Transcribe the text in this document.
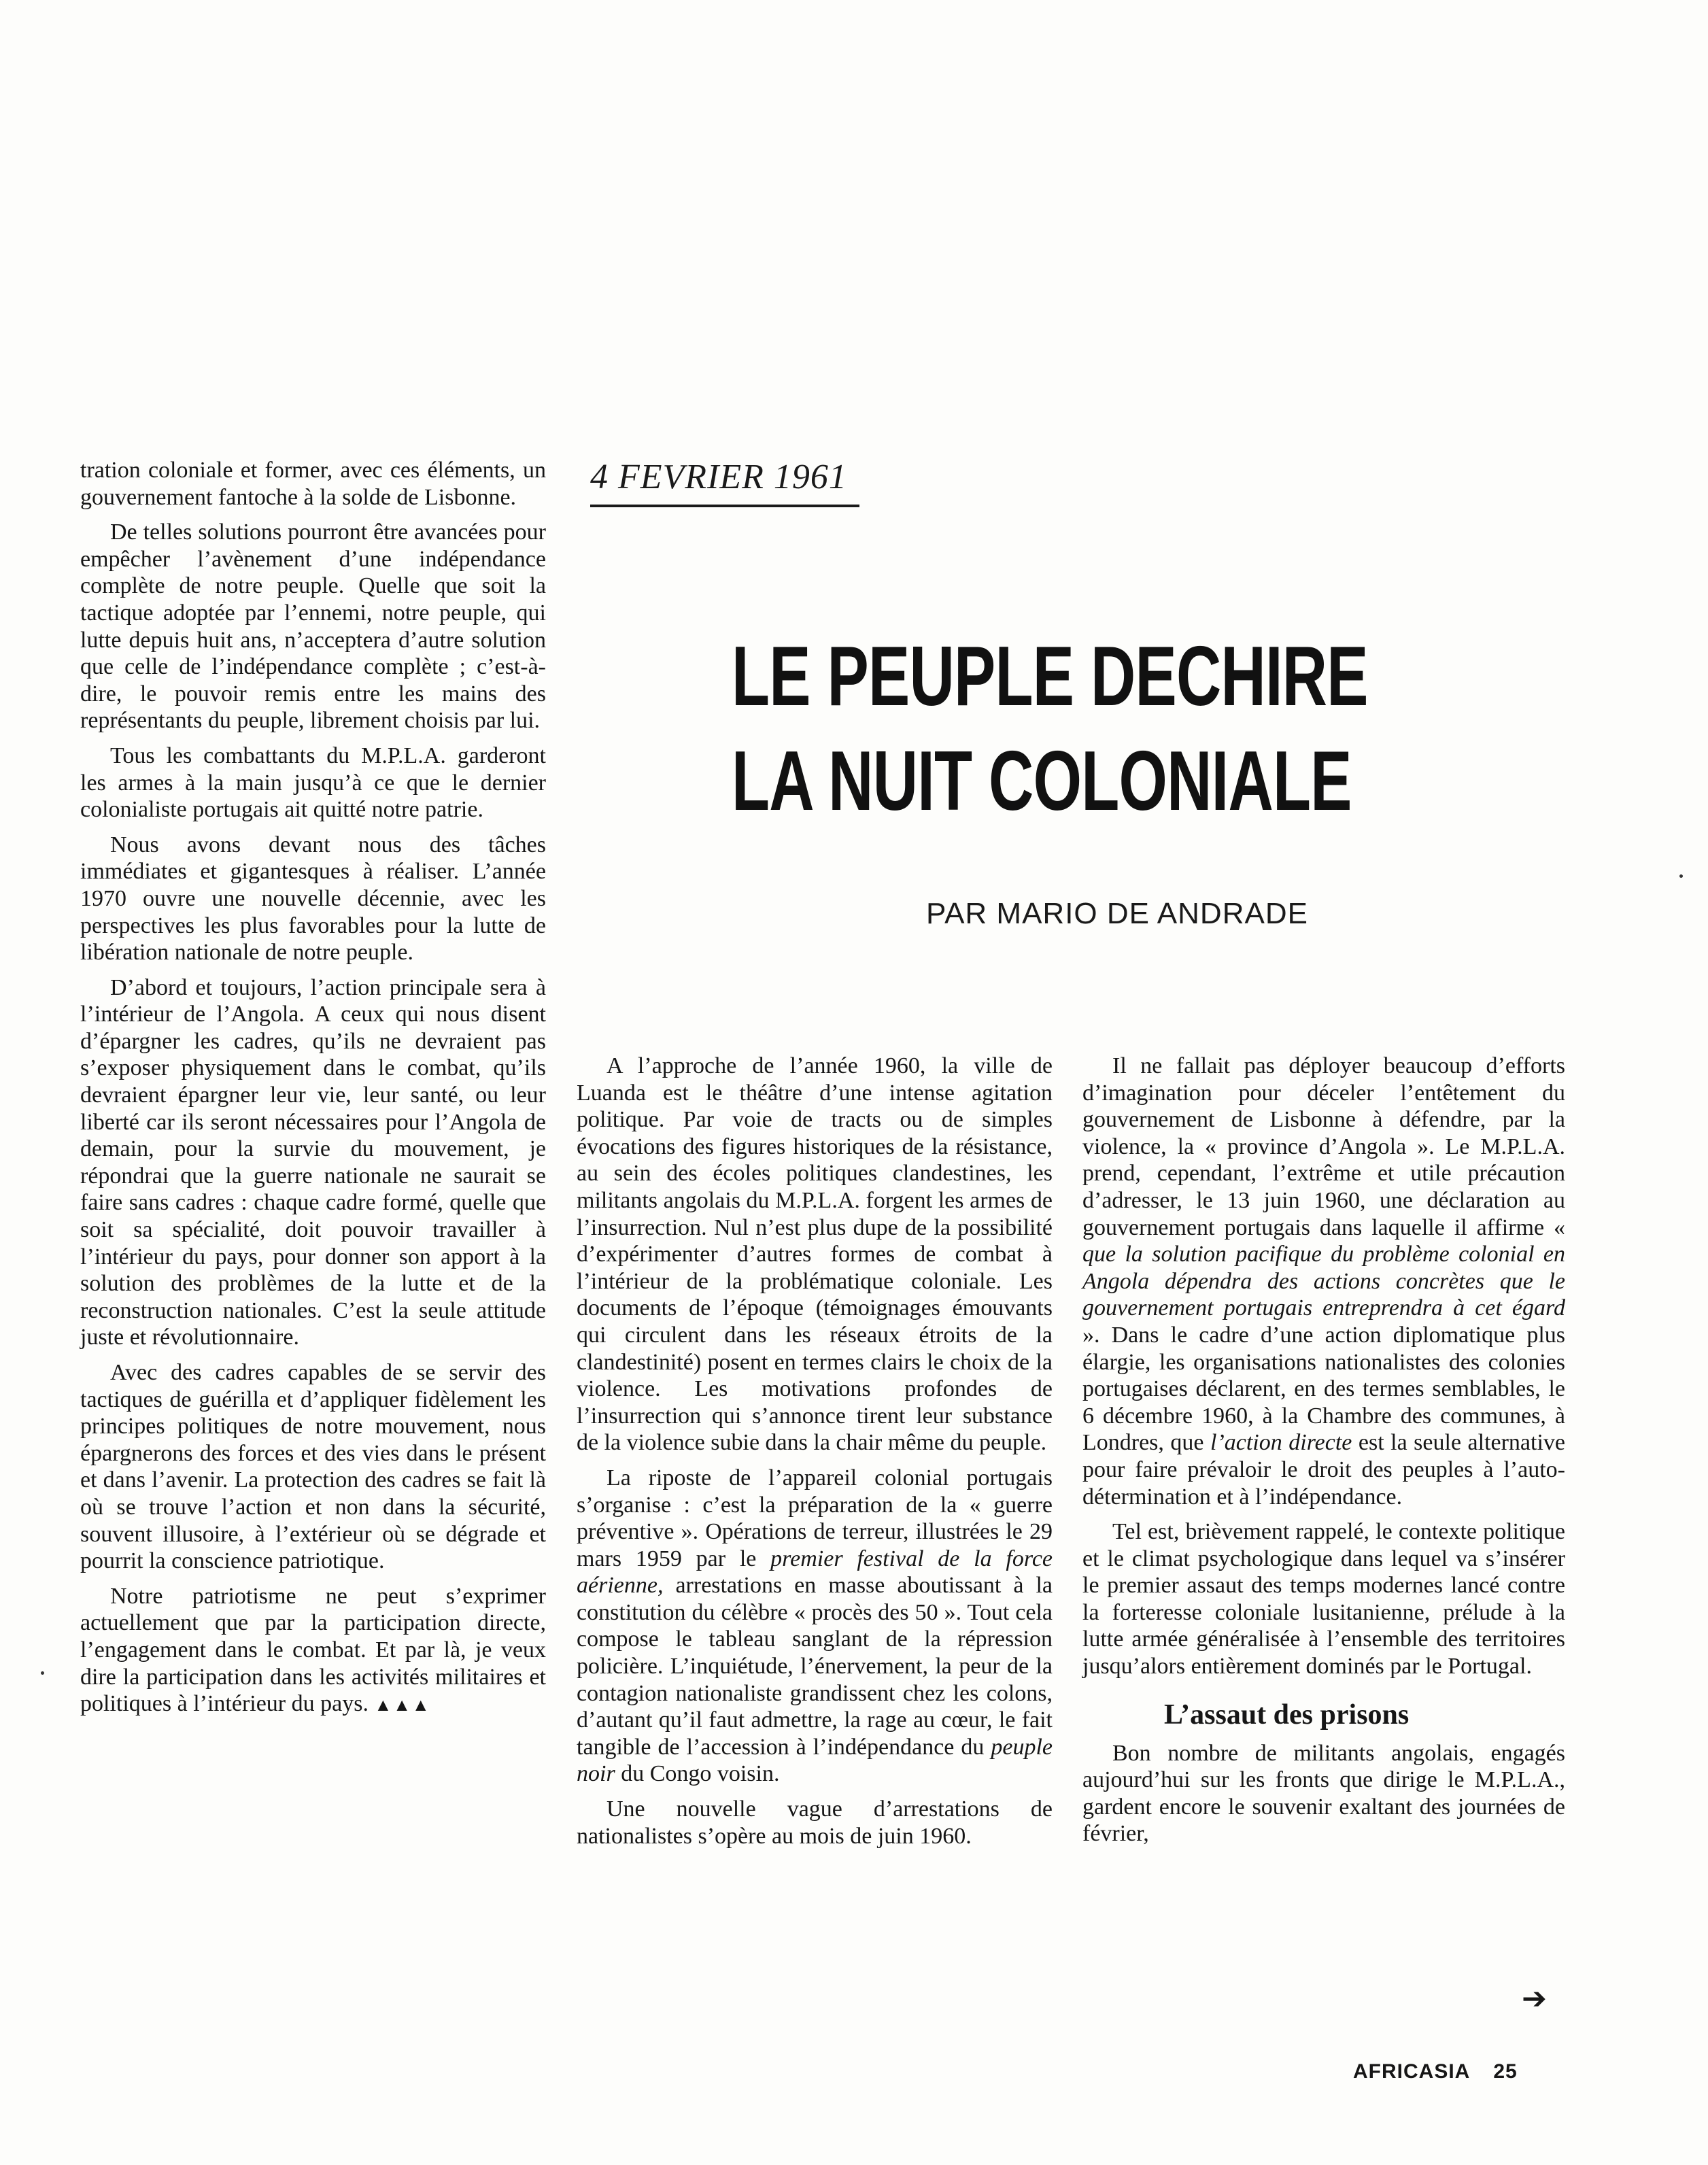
4 FEVRIER 1961
LE PEUPLE DECHIRE
LA NUIT COLONIALE
PAR MARIO DE ANDRADE

tration coloniale et former, avec ces éléments, un gouvernement fantoche à la solde de Lisbonne.

De telles solutions pourront être avancées pour empêcher l’avènement d’une indépendance complète de notre peuple. Quelle que soit la tactique adoptée par l’ennemi, notre peuple, qui lutte depuis huit ans, n’acceptera d’autre solution que celle de l’indépendance complète ; c’est-à-dire, le pouvoir remis entre les mains des représentants du peuple, librement choisis par lui.

Tous les combattants du M.P.L.A. garderont les armes à la main jusqu’à ce que le dernier colonialiste portugais ait quitté notre patrie.

Nous avons devant nous des tâches immédiates et gigantesques à réaliser. L’année 1970 ouvre une nouvelle décennie, avec les perspectives les plus favorables pour la lutte de libération nationale de notre peuple.

D’abord et toujours, l’action principale sera à l’intérieur de l’Angola. A ceux qui nous disent d’épargner les cadres, qu’ils ne devraient pas s’exposer physiquement dans le combat, qu’ils devraient épargner leur vie, leur santé, ou leur liberté car ils seront nécessaires pour l’Angola de demain, pour la survie du mouvement, je répondrai que la guerre nationale ne saurait se faire sans cadres : chaque cadre formé, quelle que soit sa spécialité, doit pouvoir travailler à l’intérieur du pays, pour donner son apport à la solution des problèmes de la lutte et de la reconstruction nationales. C’est la seule attitude juste et révolutionnaire.

Avec des cadres capables de se servir des tactiques de guérilla et d’appliquer fidèlement les principes politiques de notre mouvement, nous épargnerons des forces et des vies dans le présent et dans l’avenir. La protection des cadres se fait là où se trouve l’action et non dans la sécurité, souvent illusoire, à l’extérieur où se dégrade et pourrit la conscience patriotique.

Notre patriotisme ne peut s’exprimer actuellement que par la participation directe, l’engagement dans le combat. Et par là, je veux dire la participation dans les activités militaires et politiques à l’intérieur du pays. ▲▲▲

A l’approche de l’année 1960, la ville de Luanda est le théâtre d’une intense agitation politique. Par voie de tracts ou de simples évocations des figures historiques de la résistance, au sein des écoles politiques clandestines, les militants angolais du M.P.L.A. forgent les armes de l’insurrection. Nul n’est plus dupe de la possibilité d’expérimenter d’autres formes de combat à l’intérieur de la problématique coloniale. Les documents de l’époque (témoignages émouvants qui circulent dans les réseaux étroits de la clandestinité) posent en termes clairs le choix de la violence. Les motivations profondes de l’insurrection qui s’annonce tirent leur substance de la violence subie dans la chair même du peuple.

La riposte de l’appareil colonial portugais s’organise : c’est la préparation de la « guerre préventive ». Opérations de terreur, illustrées le 29 mars 1959 par le premier festival de la force aérienne, arrestations en masse aboutissant à la constitution du célèbre « procès des 50 ». Tout cela compose le tableau sanglant de la répression policière. L’inquiétude, l’énervement, la peur de la contagion nationaliste grandissent chez les colons, d’autant qu’il faut admettre, la rage au cœur, le fait tangible de l’accession à l’indépendance du peuple noir du Congo voisin.

Une nouvelle vague d’arrestations de nationalistes s’opère au mois de juin 1960.

Il ne fallait pas déployer beaucoup d’efforts d’imagination pour déceler l’entêtement du gouvernement de Lisbonne à défendre, par la violence, la « province d’Angola ». Le M.P.L.A. prend, cependant, l’extrême et utile précaution d’adresser, le 13 juin 1960, une déclaration au gouvernement portugais dans laquelle il affirme « que la solution pacifique du problème colonial en Angola dépendra des actions concrètes que le gouvernement portugais entreprendra à cet égard ». Dans le cadre d’une action diplomatique plus élargie, les organisations nationalistes des colonies portugaises déclarent, en des termes semblables, le 6 décembre 1960, à la Chambre des communes, à Londres, que l’action directe est la seule alternative pour faire prévaloir le droit des peuples à l’autodétermination et à l’indépendance.

Tel est, brièvement rappelé, le contexte politique et le climat psychologique dans lequel va s’insérer le premier assaut des temps modernes lancé contre la forteresse coloniale lusitanienne, prélude à la lutte armée généralisée à l’ensemble des territoires jusqu’alors entièrement dominés par le Portugal.

L’assaut des prisons

Bon nombre de militants angolais, engagés aujourd’hui sur les fronts que dirige le M.P.L.A., gardent encore le souvenir exaltant des journées de février,

➔
AFRICASIA 25
